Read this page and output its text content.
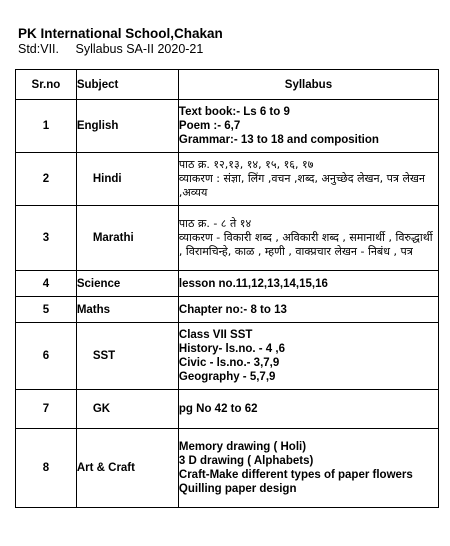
PK International School,Chakan
Std:VII. Syllabus SA-II 2020-21
Sr.no	Subject	Syllabus
1	English	Text book:- Ls 6 to 9
Poem :- 6,7
Grammar:- 13 to 18 and composition

2	Hindi	पाठ क्र. १२,१३, १४, १५, १६, १७
व्याकरण : संज्ञा, लिंग ,वचन ,शब्द, अनुच्छेद लेखन, पत्र लेखन ,अव्यय

3	Marathi	पाठ क्र. - ८ ते १४
व्याकरण - विकारी शब्द , अविकारी शब्द , समानार्थी , विरुद्धार्थी , विरामचिन्हे, काळ , म्हणी , वाक्प्रचार लेखन - निबंध , पत्र

4	Science	lesson no.11,12,13,14,15,16

5	Maths	Chapter no:- 8 to 13

6	SST	Class VII SST
History- ls.no. - 4 ,6
Civic - ls.no.- 3,7,9
Geography - 5,7,9

7	GK	pg No 42 to 62

8	Art & Craft	Memory drawing ( Holi)
3 D drawing ( Alphabets)
Craft-Make different types of paper flowers
Quilling paper design
